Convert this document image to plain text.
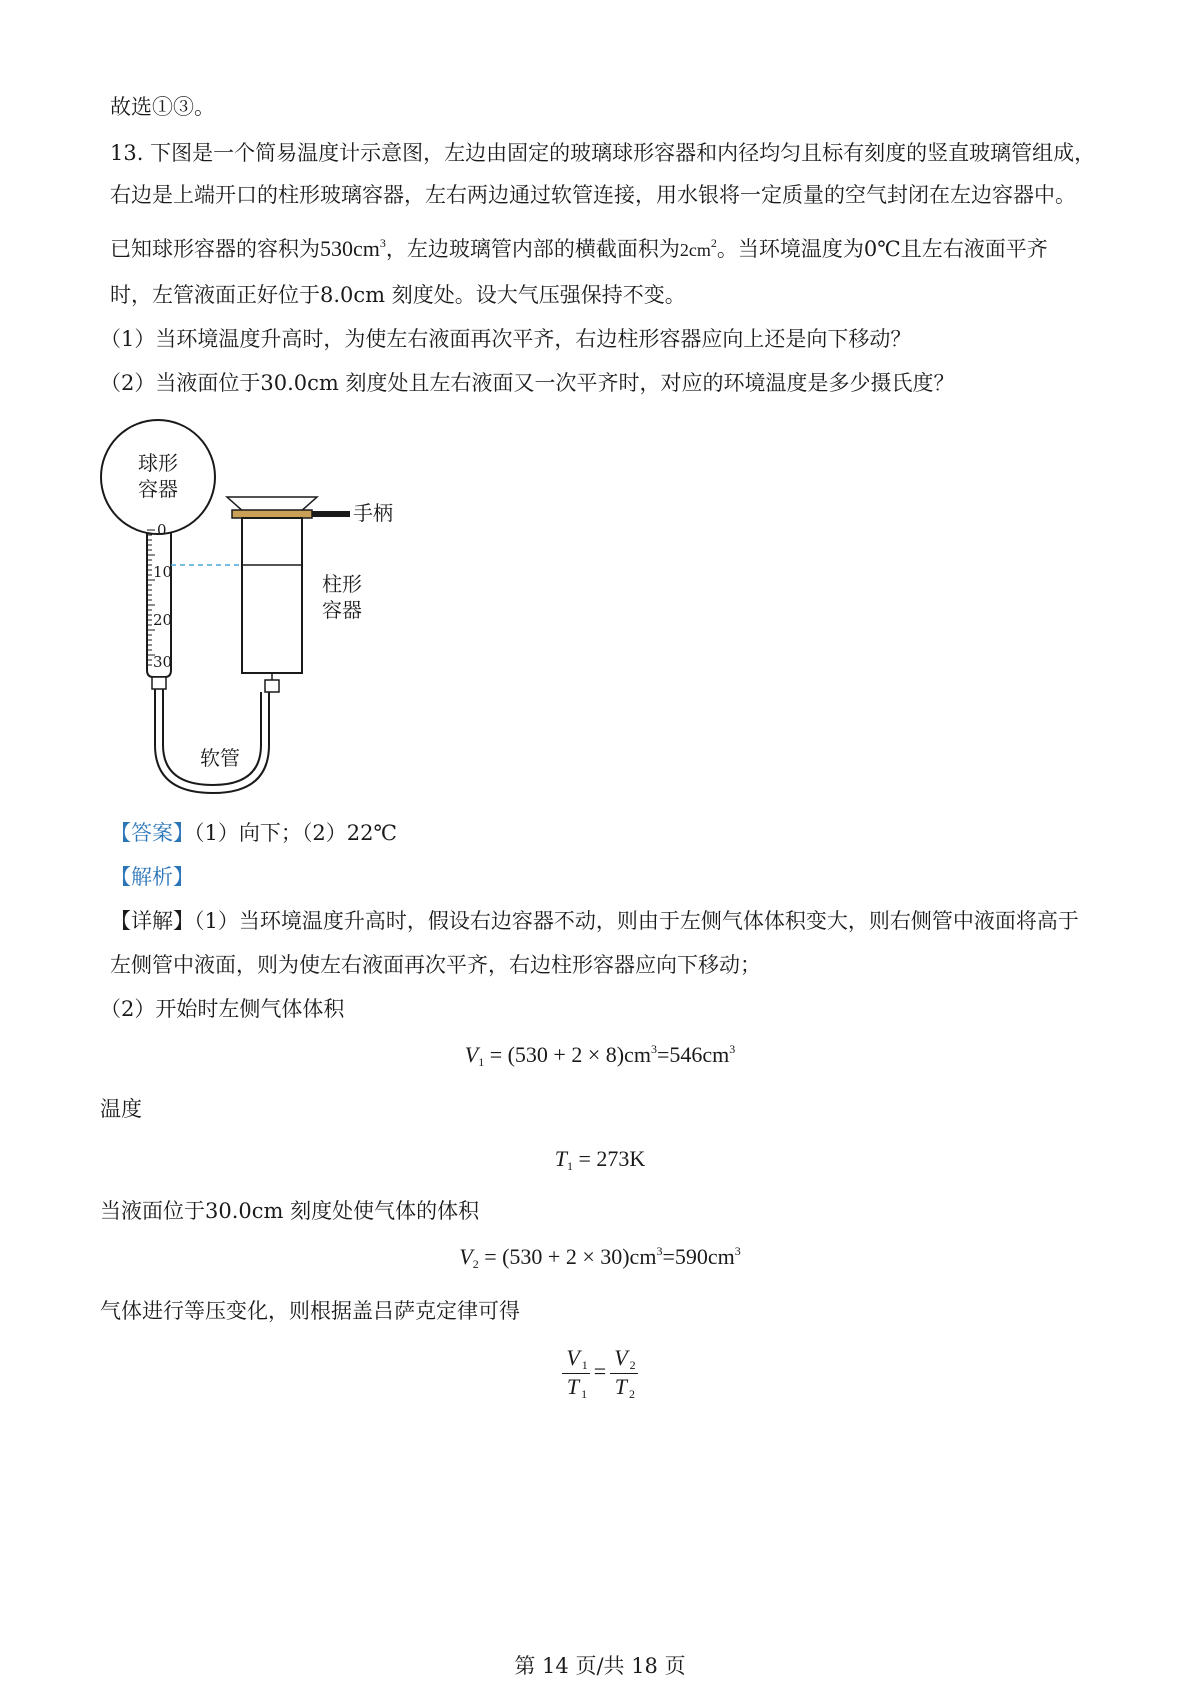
故选①③。
13. 下图是一个简易温度计示意图，左边由固定的玻璃球形容器和内径均匀且标有刻度的竖直玻璃管组成，
右边是上端开口的柱形玻璃容器，左右两边通过软管连接，用水银将一定质量的空气封闭在左边容器中。
已知球形容器的容积为$530cm^3$，左边玻璃管内部的横截面积为$2cm^2$。当环境温度为0℃且左右液面平齐
时，左管液面正好位于8.0cm 刻度处。设大气压强保持不变。
（1）当环境温度升高时，为使左右液面再次平齐，右边柱形容器应向上还是向下移动？
（2）当液面位于30.0cm 刻度处且左右液面又一次平齐时，对应的环境温度是多少摄氏度？
球形
容器
0
10
20
30
手柄
柱形
容器
软管
【答案】（1）向下；（2）22℃
【解析】
【详解】（1）当环境温度升高时，假设右边容器不动，则由于左侧气体体积变大，则右侧管中液面将高于
左侧管中液面，则为使左右液面再次平齐，右边柱形容器应向下移动；
（2）开始时左侧气体体积
$V_1 = (530 + 2 \times 8)cm^3=546cm^3$
温度
$T_1 = 273K$
当液面位于30.0cm 刻度处使气体的体积
$V_2 = (530 + 2 \times 30)cm^3=590cm^3$
气体进行等压变化，则根据盖吕萨克定律可得
$\frac{V _1}{T _1} = \frac{V _2}{T _2}$
第 14 页/共 18 页
